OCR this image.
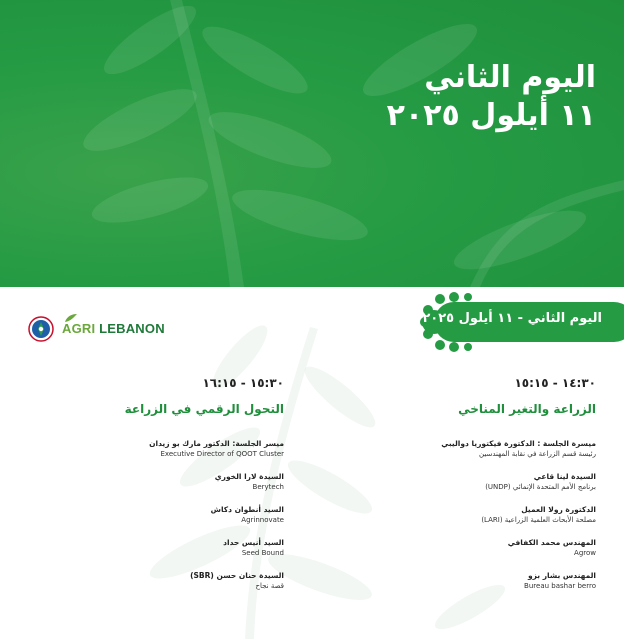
اليوم الثاني
١١ أيلول ٢٠٢٥
AGRI LEBANON
اليوم الثاني - ١١ أيلول ٢٠٢٥
١٤:٣٠ - ١٥:١٥
الزراعة والتغير المناخي
ميسرة الجلسة : الدكتورة فيكتوريا دواليبي
رئيسة قسم الزراعة في نقابة المهندسين
السيدة لينا قاعي
برنامج الأمم المتحدة الإنمائي (UNDP)
الدكتورة رولا العميل
مصلحة الأبحاث العلمية الزراعية (LARI)
المهندس محمد الكفافي
Agrow
المهندس بشار بزو
Bureau bashar berro
١٥:٣٠ - ١٦:١٥
التحول الرقمي في الزراعة
ميسر الجلسة: الدكتور مارك بو زيدان
Executive Director of QOOT Cluster
السيدة لارا الخوري
Berytech
السيد أنطوان دكاش
Agrinnovate
السيد أنيس حداد
Seed Bound
السيدة حنان حسن (SBR)
قصة نجاح
